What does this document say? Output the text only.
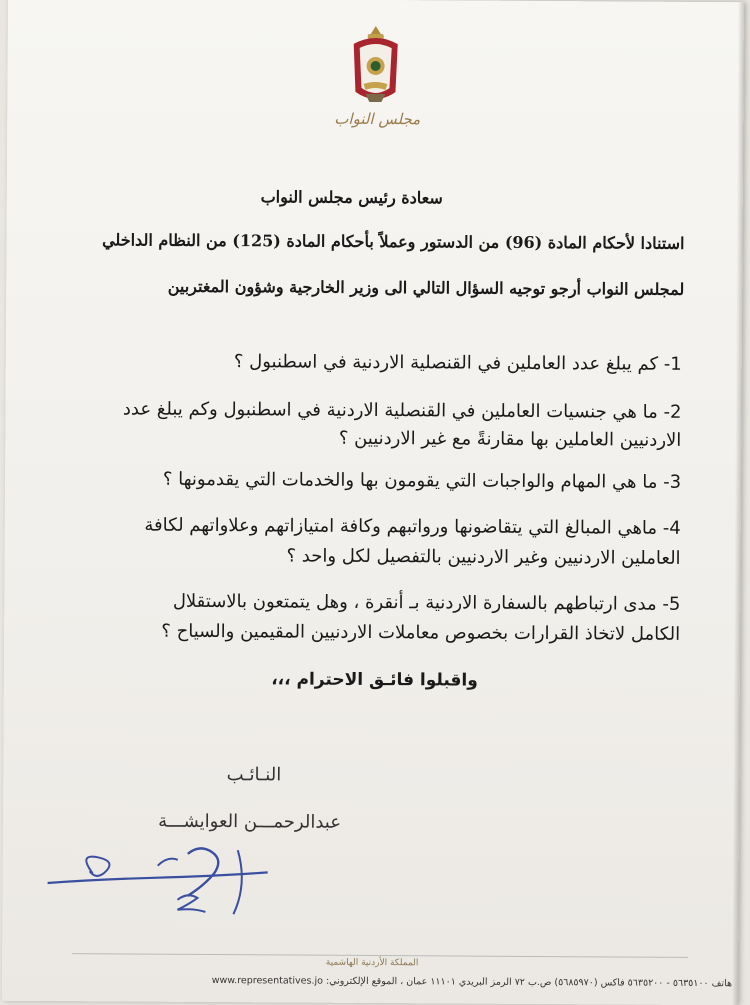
مجلس النواب
سعادة رئيس مجلس النواب
استنادا لأحكام المادة (96) من الدستور وعملاً بأحكام المادة (125) من النظام الداخلي
لمجلس النواب أرجو توجيه السؤال التالي الى وزير الخارجية وشؤون المغتربين
1- كم يبلغ عدد العاملين في القنصلية الاردنية في اسطنبول ؟
2- ما هي جنسيات العاملين في القنصلية الاردنية في اسطنبول وكم يبلغ عدد
الاردنيين العاملين بها مقارنةً مع غير الاردنيين ؟
3- ما هي المهام والواجبات التي يقومون بها والخدمات التي يقدمونها ؟
4- ماهي المبالغ التي يتقاضونها ورواتبهم وكافة امتيازاتهم وعلاواتهم لكافة
العاملين الاردنيين وغير الاردنيين بالتفصيل لكل واحد ؟
5- مدى ارتباطهم بالسفارة الاردنية بـ أنقرة ، وهل يتمتعون بالاستقلال
الكامل لاتخاذ القرارات بخصوص معاملات الاردنيين المقيمين والسياح ؟
واقبلوا فائـق الاحترام ،،،
النـائـب
عبدالرحمـــن العوايشـــة
المملكة الأردنية الهاشمية
هاتف ٥٦٣٥١٠٠ - ٥٦٣٥٢٠٠ فاكس (٥٦٨٥٩٧٠) ص.ب ٧٢ الرمز البريدي ١١١٠١ عمان ، الموقع الإلكتروني: www.representatives.jo
